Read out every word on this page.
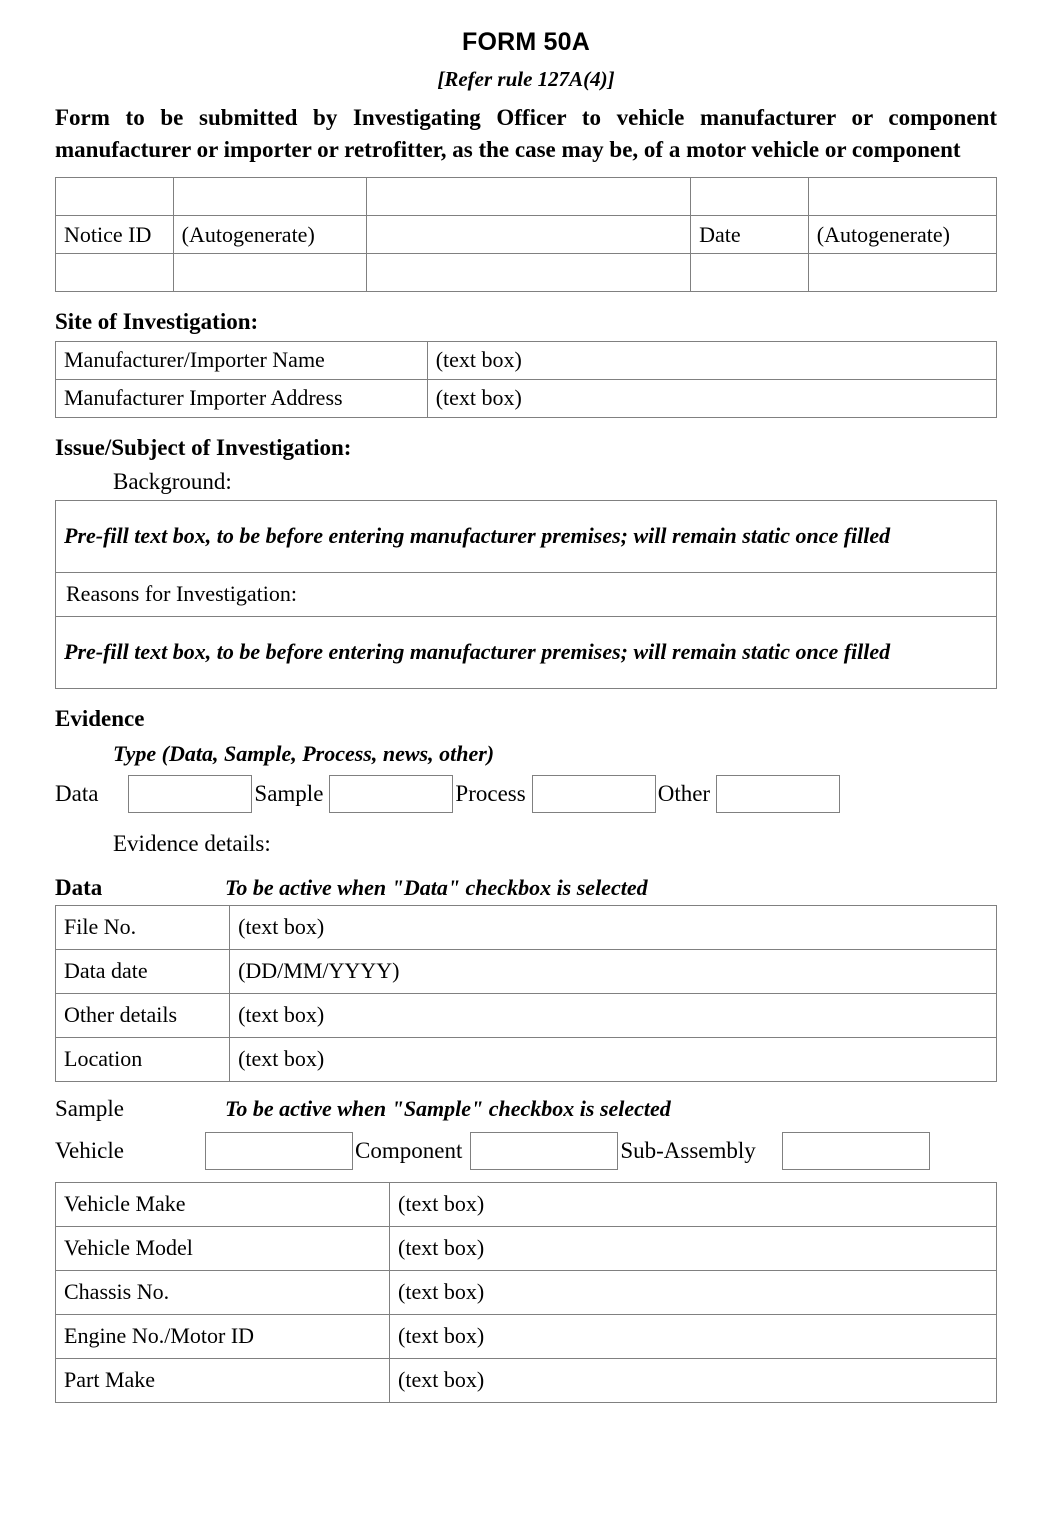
FORM 50A
[Refer rule 127A(4)]
Form to be submitted by Investigating Officer to vehicle manufacturer or component manufacturer or importer or retrofitter, as the case may be, of a motor vehicle or component

Notice ID	(Autogenerate)		Date	(Autogenerate)

Site of Investigation:
Manufacturer/Importer Name	(text box)
Manufacturer Importer Address	(text box)
Issue/Subject of Investigation:
Background:
Pre-fill text box, to be before entering manufacturer premises; will remain static once filled
Reasons for Investigation:
Pre-fill text box, to be before entering manufacturer premises; will remain static once filled
Evidence
Type (Data, Sample, Process, news, other)
Data	Sample	Process	Other
Evidence details:
Data	To be active when "Data" checkbox is selected
File No.	(text box)
Data date	(DD/MM/YYYY)
Other details	(text box)
Location	(text box)
Sample	To be active when "Sample" checkbox is selected
Vehicle	Component	Sub-Assembly
Vehicle Make	(text box)
Vehicle Model	(text box)
Chassis No.	(text box)
Engine No./Motor ID	(text box)
Part Make	(text box)
